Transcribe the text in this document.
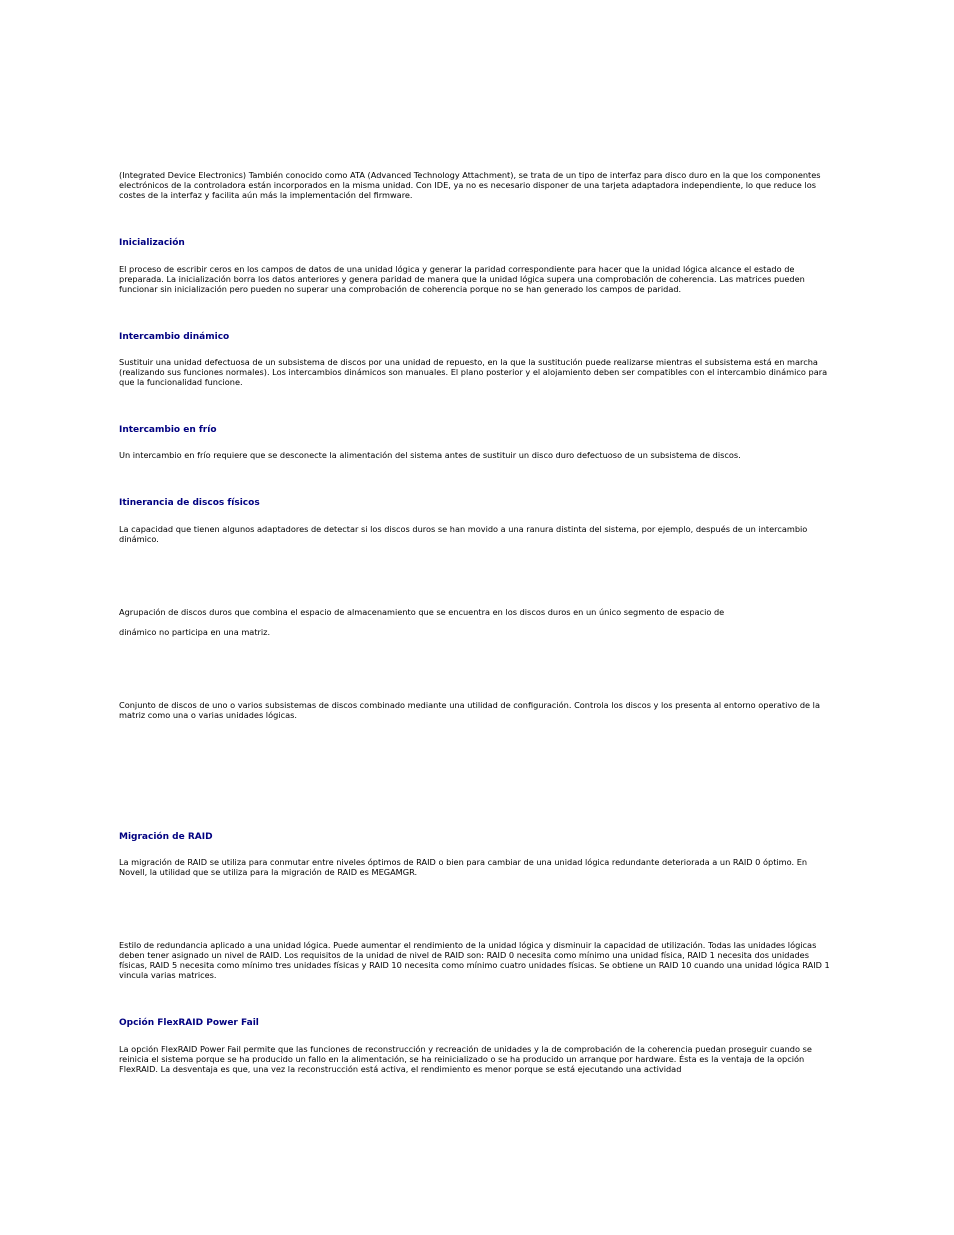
(Integrated Device Electronics) También conocido como ATA (Advanced Technology Attachment), se trata de un tipo de interfaz para disco duro en la que los componentes electrónicos de la controladora están incorporados en la misma unidad. Con IDE, ya no es necesario disponer de una tarjeta adaptadora independiente, lo que reduce los costes de la interfaz y facilita aún más la implementación del firmware.

Inicialización

El proceso de escribir ceros en los campos de datos de una unidad lógica y generar la paridad correspondiente para hacer que la unidad lógica alcance el estado de preparada. La inicialización borra los datos anteriores y genera paridad de manera que la unidad lógica supera una comprobación de coherencia. Las matrices pueden funcionar sin inicialización pero pueden no superar una comprobación de coherencia porque no se han generado los campos de paridad.

Intercambio dinámico

Sustituir una unidad defectuosa de un subsistema de discos por una unidad de repuesto, en la que la sustitución puede realizarse mientras el subsistema está en marcha (realizando sus funciones normales). Los intercambios dinámicos son manuales. El plano posterior y el alojamiento deben ser compatibles con el intercambio dinámico para que la funcionalidad funcione.

Intercambio en frío

Un intercambio en frío requiere que se desconecte la alimentación del sistema antes de sustituir un disco duro defectuoso de un subsistema de discos.

Itinerancia de discos físicos

La capacidad que tienen algunos adaptadores de detectar si los discos duros se han movido a una ranura distinta del sistema, por ejemplo, después de un intercambio dinámico.

Agrupación de discos duros que combina el espacio de almacenamiento que se encuentra en los discos duros en un único segmento de espacio de

dinámico no participa en una matriz.

Conjunto de discos de uno o varios subsistemas de discos combinado mediante una utilidad de configuración. Controla los discos y los presenta al entorno operativo de la matriz como una o varias unidades lógicas.

Migración de RAID

La migración de RAID se utiliza para conmutar entre niveles óptimos de RAID o bien para cambiar de una unidad lógica redundante deteriorada a un RAID 0 óptimo. En Novell, la utilidad que se utiliza para la migración de RAID es MEGAMGR.

Estilo de redundancia aplicado a una unidad lógica. Puede aumentar el rendimiento de la unidad lógica y disminuir la capacidad de utilización. Todas las unidades lógicas deben tener asignado un nivel de RAID. Los requisitos de la unidad de nivel de RAID son: RAID 0 necesita como mínimo una unidad física, RAID 1 necesita dos unidades físicas, RAID 5 necesita como mínimo tres unidades físicas y RAID 10 necesita como mínimo cuatro unidades físicas. Se obtiene un RAID 10 cuando una unidad lógica RAID 1 vincula varias matrices.

Opción FlexRAID Power Fail

La opción FlexRAID Power Fail permite que las funciones de reconstrucción y recreación de unidades y la de comprobación de la coherencia puedan proseguir cuando se reinicia el sistema porque se ha producido un fallo en la alimentación, se ha reinicializado o se ha producido un arranque por hardware. Ésta es la ventaja de la opción FlexRAID. La desventaja es que, una vez la reconstrucción está activa, el rendimiento es menor porque se está ejecutando una actividad
